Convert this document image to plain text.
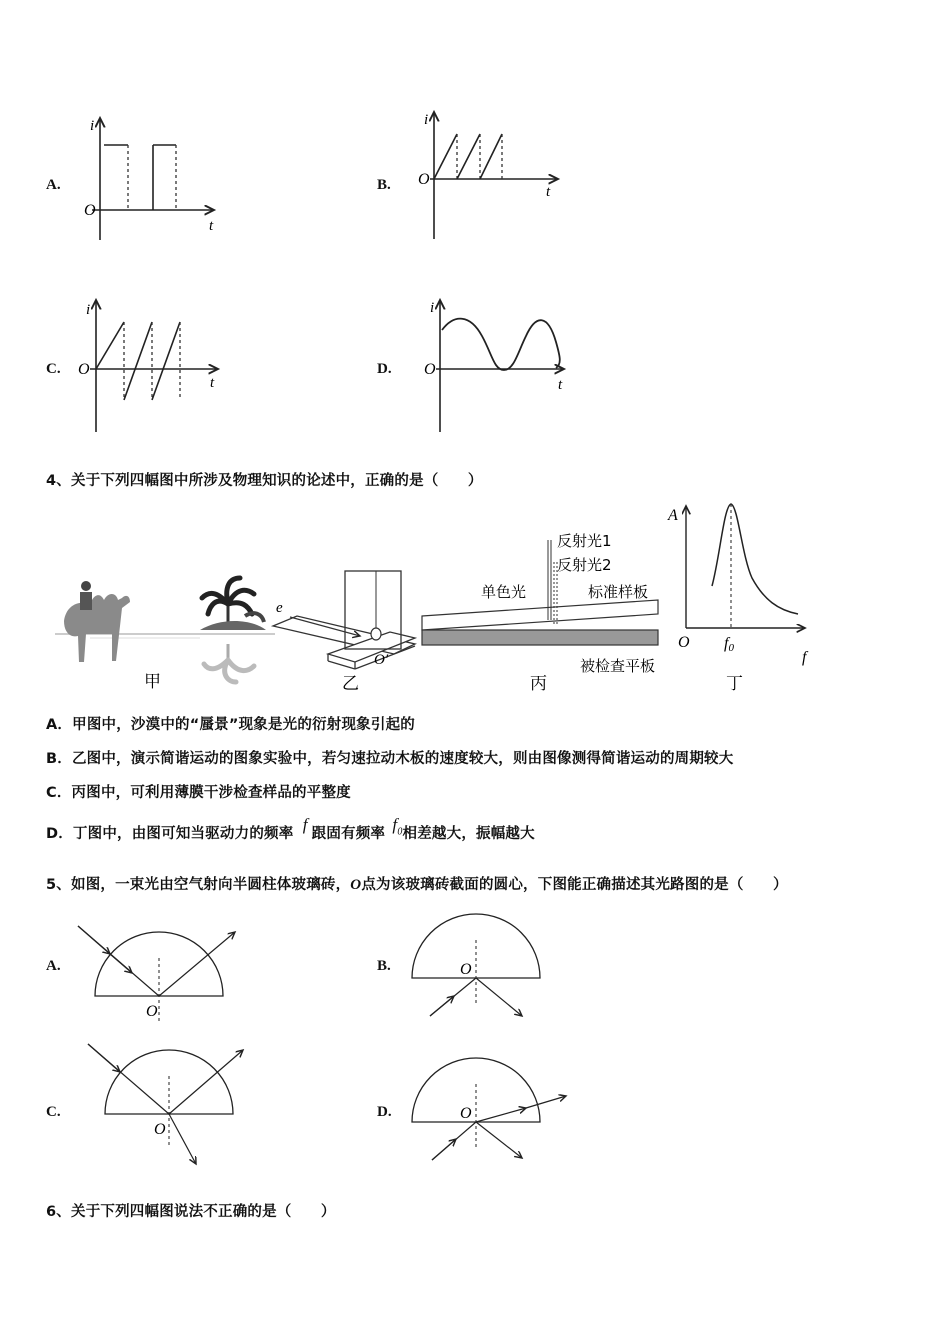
A.
i
t
O
B.
i
t
O
C.
i
t
O	D.
i
t
O
4、关于下列四幅图中所涉及物理知识的论述中，正确的是（　　）
甲
e
O′
乙
反射光1
反射光2
单色光	标准样板
被检查平板
丙
A
O f0
f
丁
A．甲图中，沙漠中的“蜃景”现象是光的衍射现象引起的
B．乙图中，演示简谐运动的图象实验中，若匀速拉动木板的速度较大，则由图像测得简谐运动的周期较大
C．丙图中，可利用薄膜干涉检查样品的平整度
D．丁图中，由图可知当驱动力的频率 f 跟固有频率 $f_0$相差越大，振幅越大
5、如图，一束光由空气射向半圆柱体玻璃砖，O点为该玻璃砖截面的圆心，下图能正确描述其光路图的是（　　）
A.
O
B.	O
C.
O
D.	O
6、关于下列四幅图说法不正确的是（　　）
